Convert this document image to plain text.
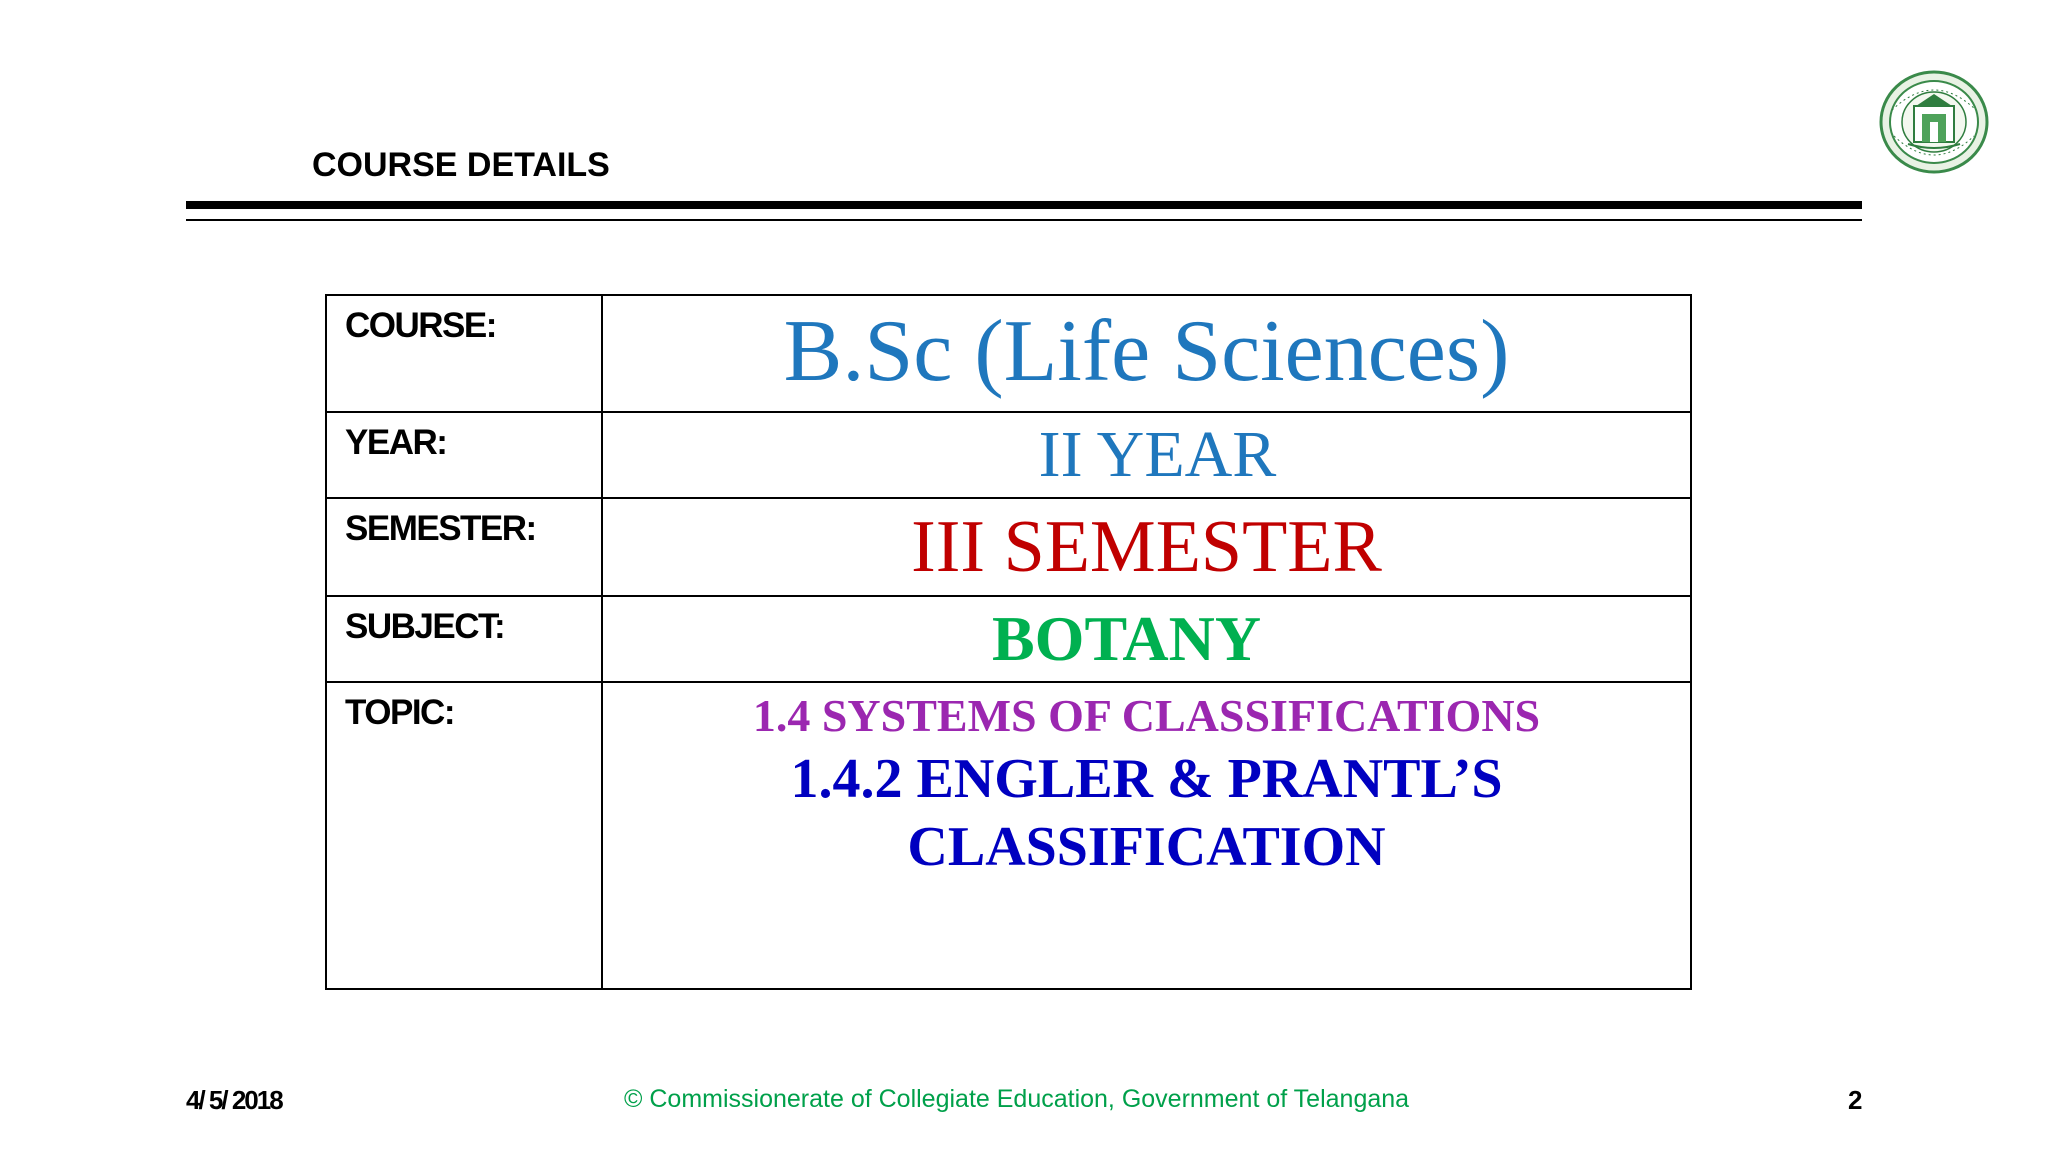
COURSE DETAILS
COURSE:	B.Sc (Life Sciences)

YEAR:	II YEAR

SEMESTER:	III SEMESTER

SUBJECT:	BOTANY

TOPIC:	1.4 SYSTEMS OF CLASSIFICATIONS
1.4.2 ENGLER & PRANTL’S
CLASSIFICATION
4/ 5/ 2018	© Commissionerate of Collegiate Education, Government of Telangana	2
